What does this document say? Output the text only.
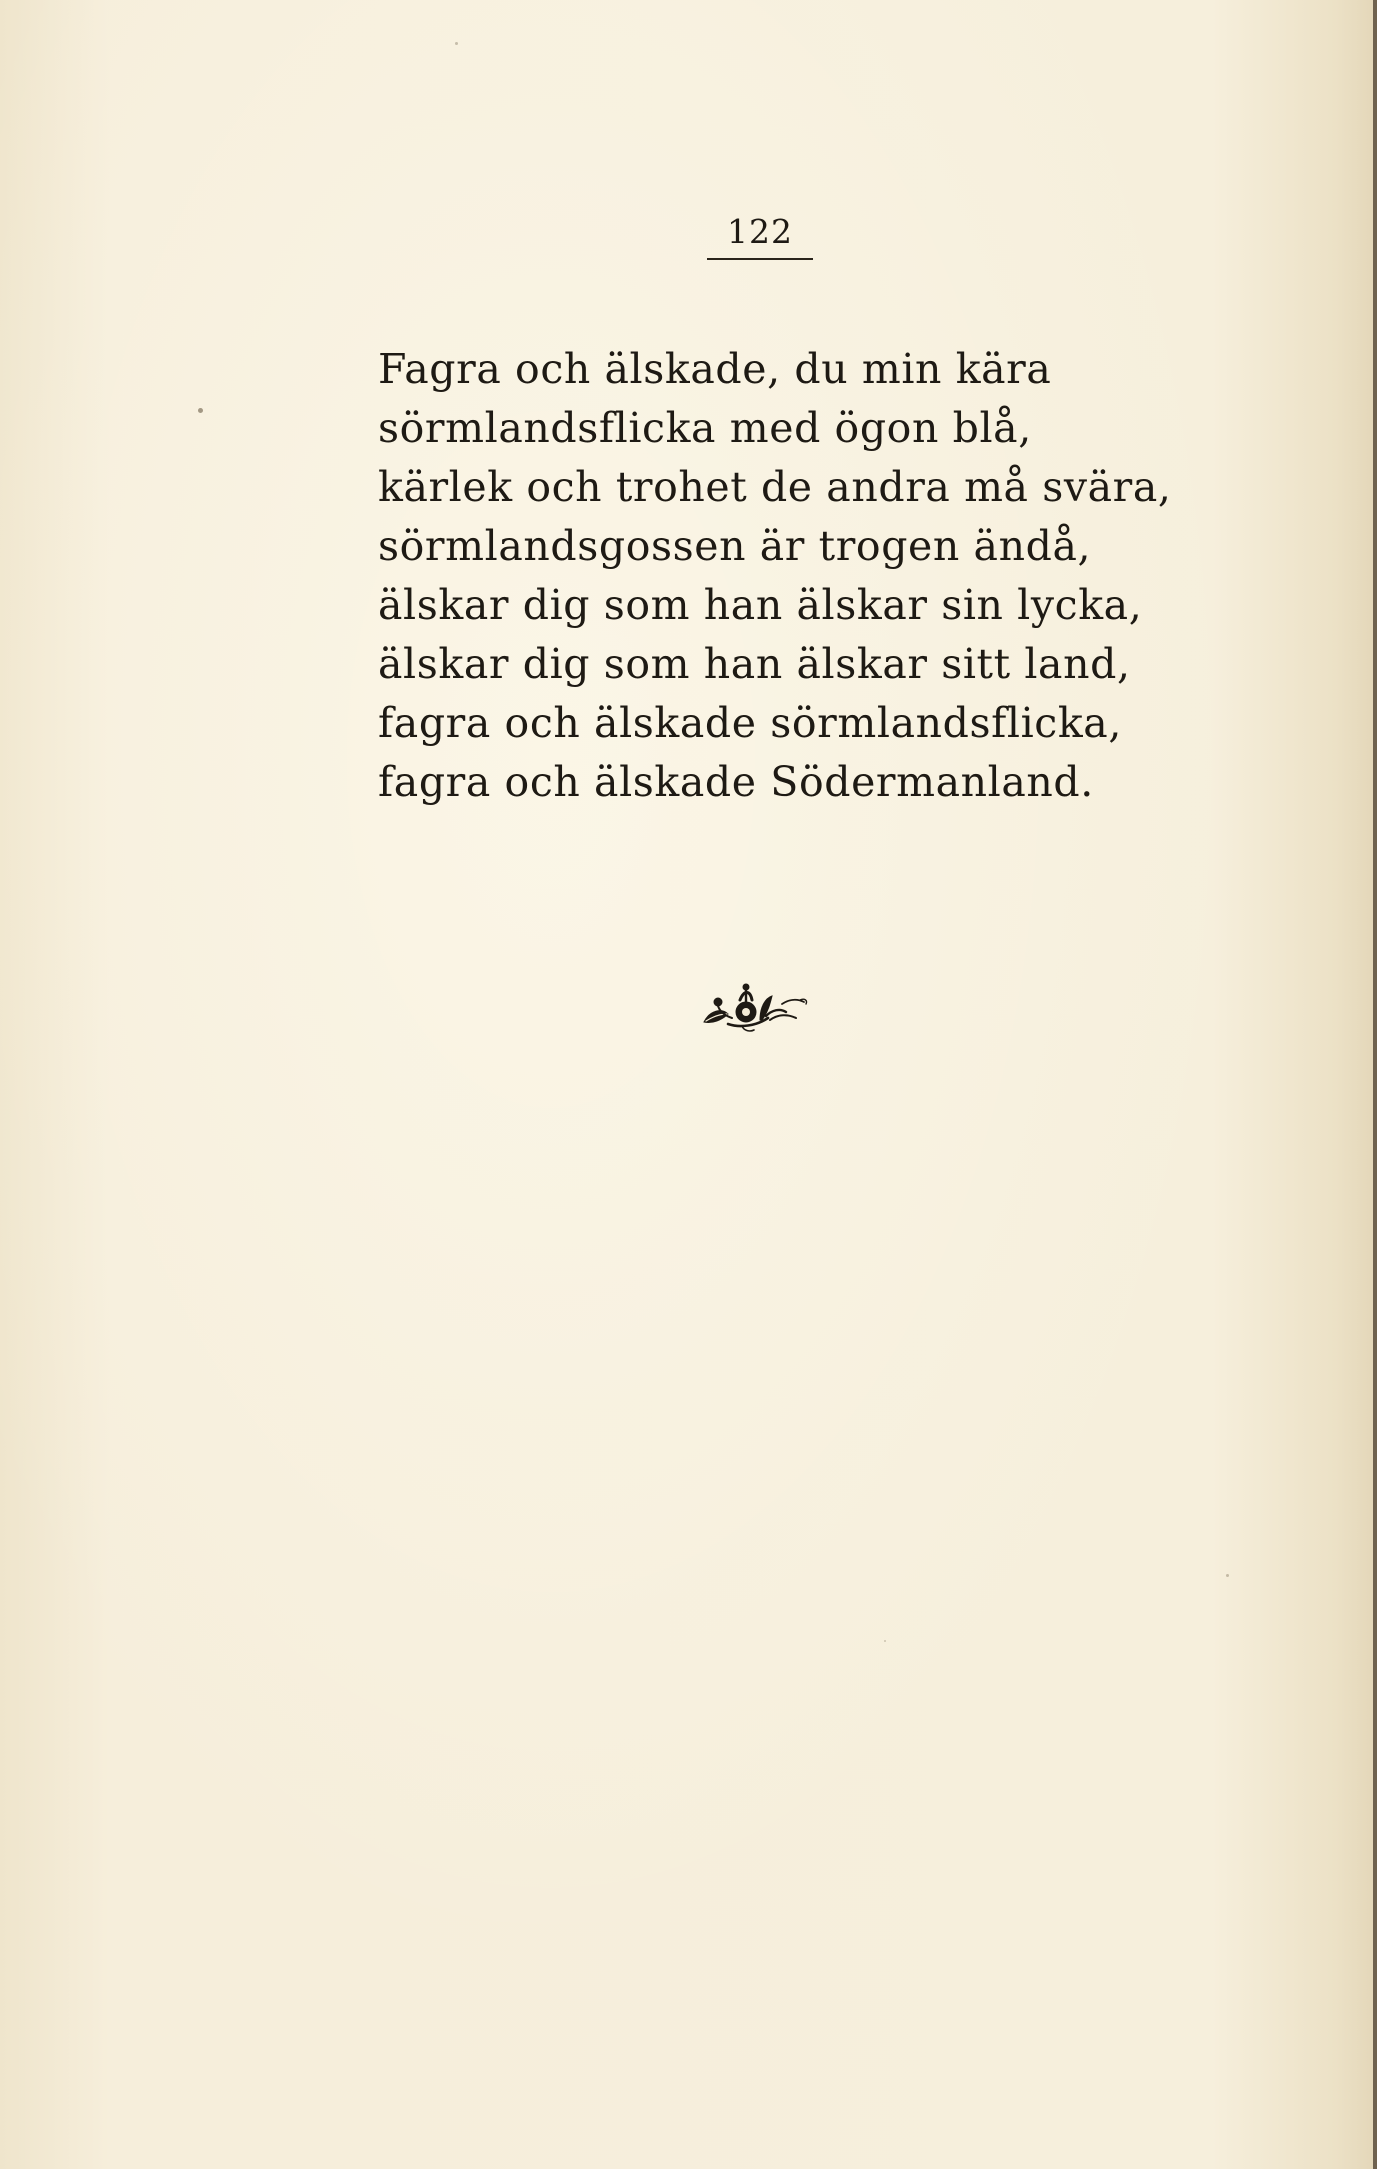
122
Fagra och älskade, du min kära
sörmlandsflicka med ögon blå,
kärlek och trohet de andra må svära,
sörmlandsgossen är trogen ändå,
älskar dig som han älskar sin lycka,
älskar dig som han älskar sitt land,
fagra och älskade sörmlandsflicka,
fagra och älskade Södermanland.
